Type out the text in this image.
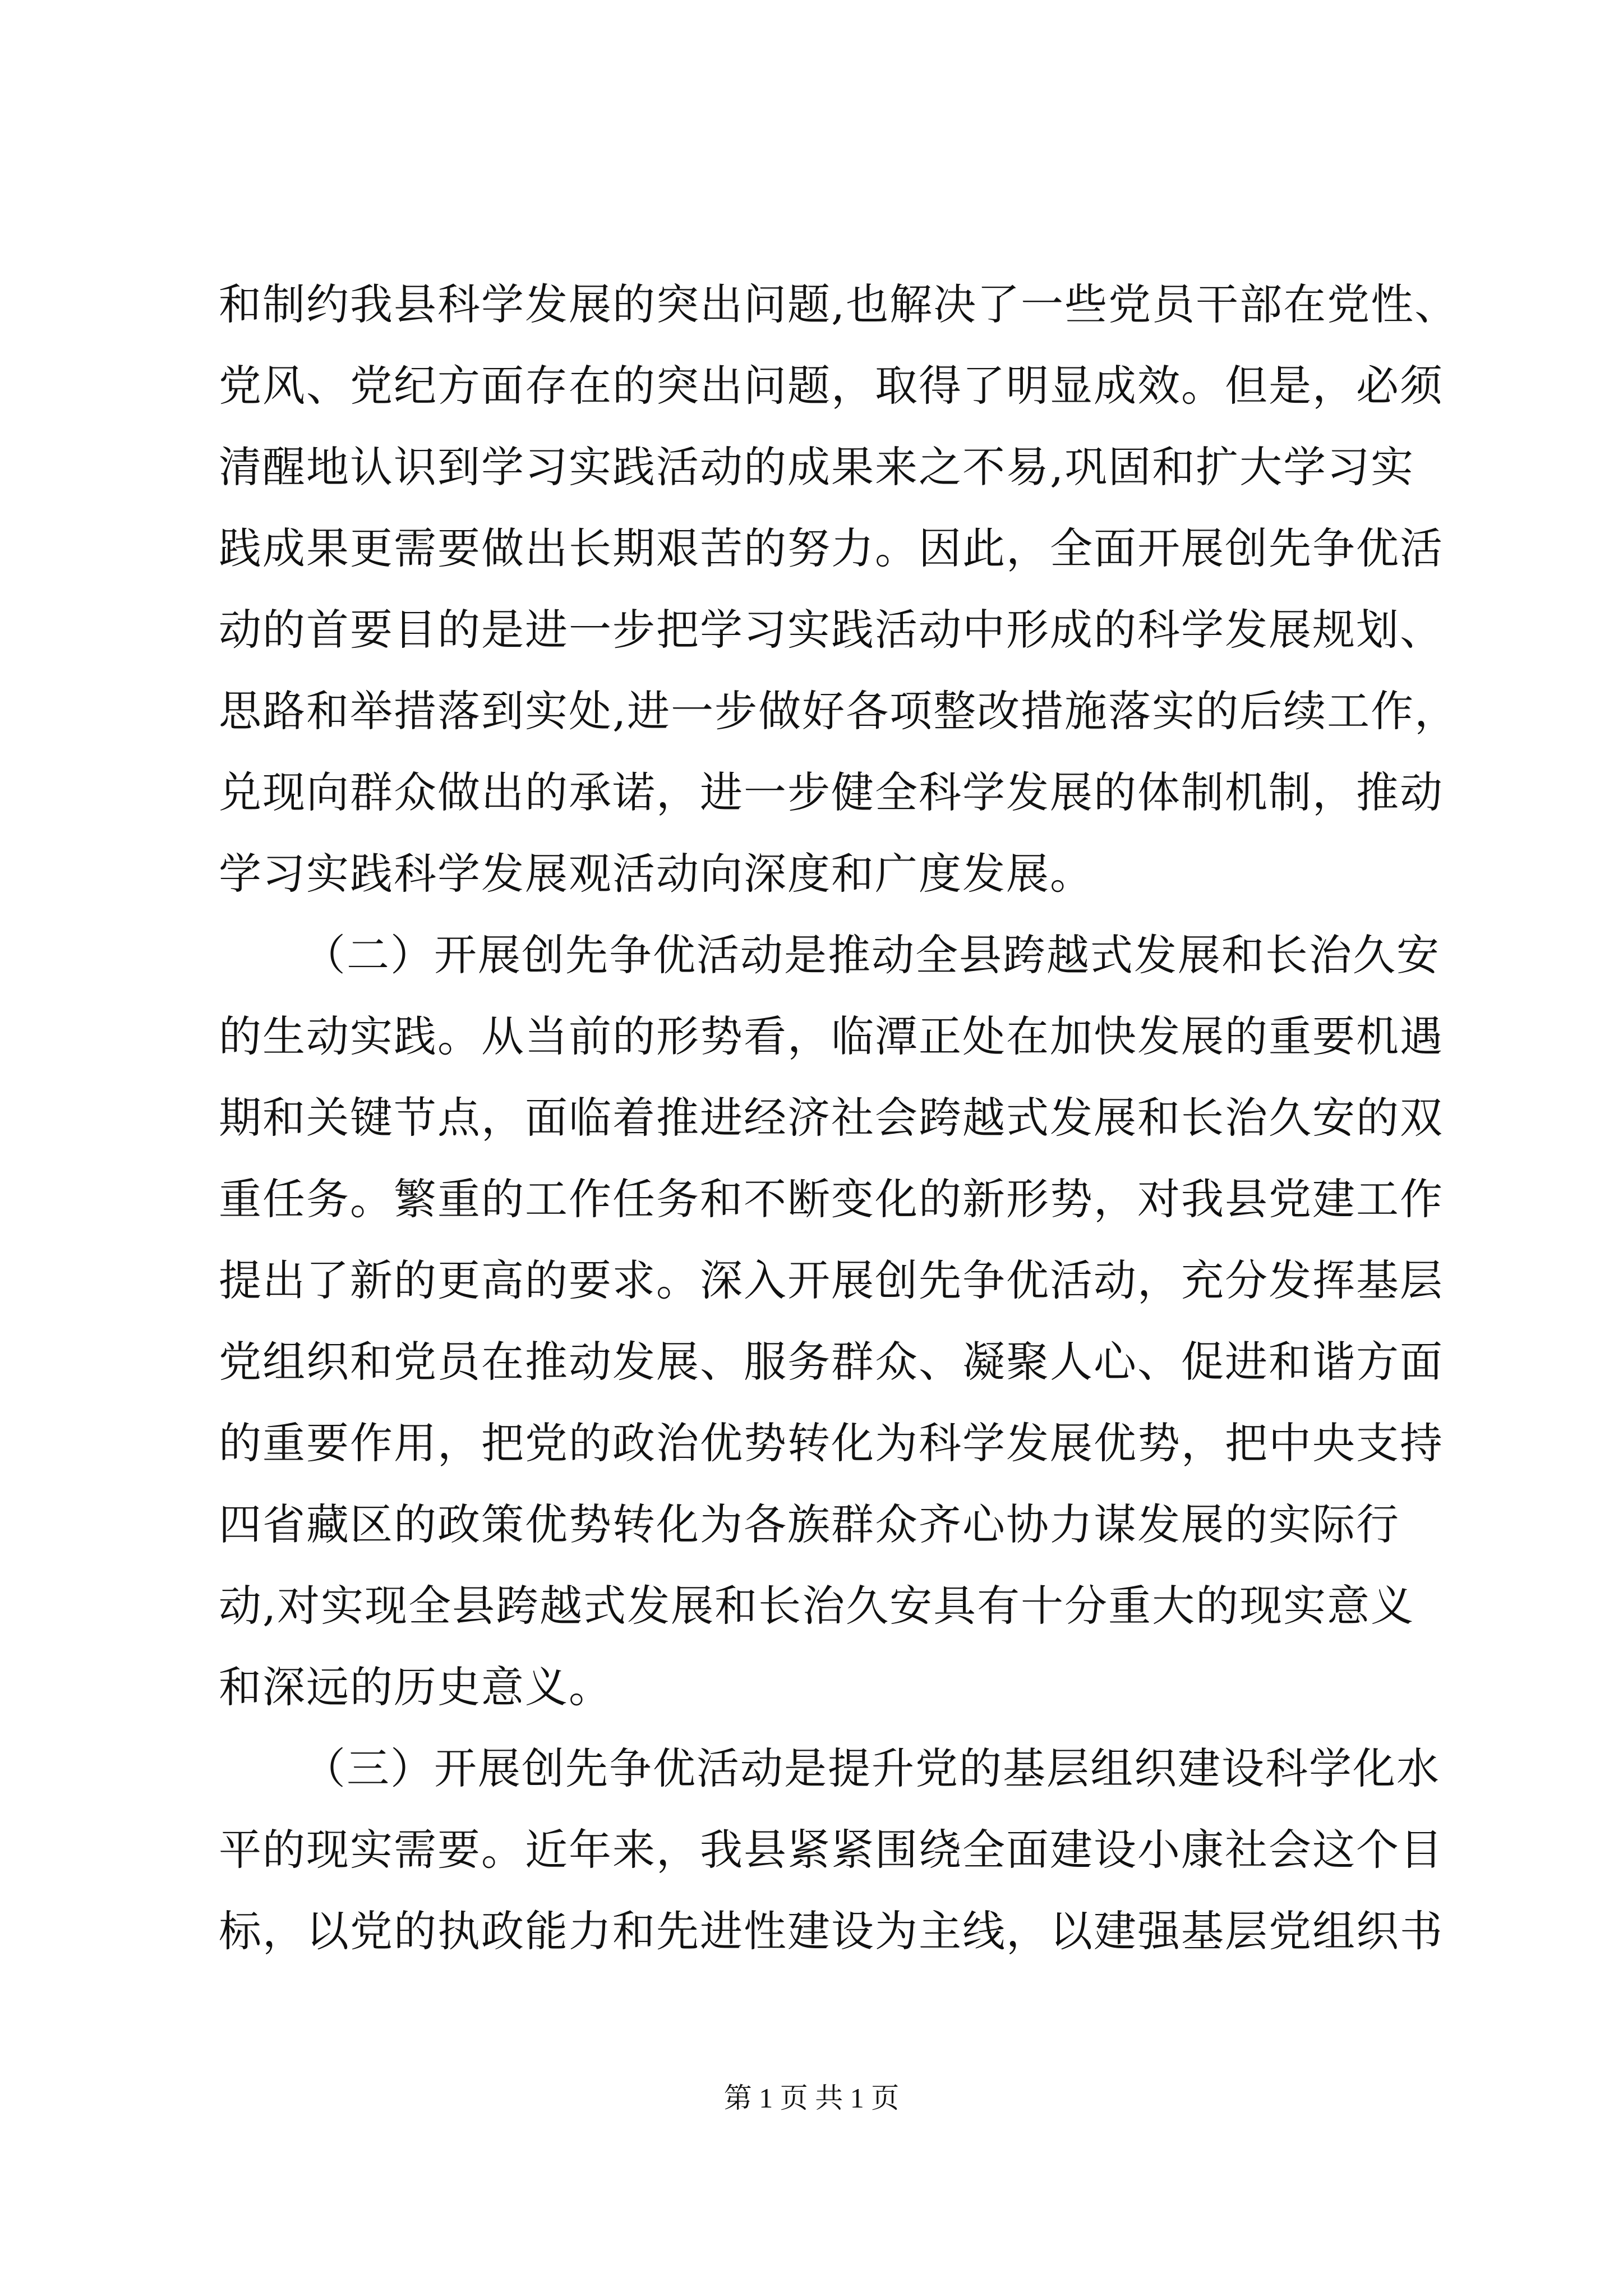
和制约我县科学发展的突出问题,也解决了一些党员干部在党性、
党风、党纪方面存在的突出问题，取得了明显成效。但是，必须
清醒地认识到学习实践活动的成果来之不易,巩固和扩大学习实
践成果更需要做出长期艰苦的努力。因此，全面开展创先争优活
动的首要目的是进一步把学习实践活动中形成的科学发展规划、
思路和举措落到实处,进一步做好各项整改措施落实的后续工作，
兑现向群众做出的承诺，进一步健全科学发展的体制机制，推动
学习实践科学发展观活动向深度和广度发展。
（二）开展创先争优活动是推动全县跨越式发展和长治久安
的生动实践。从当前的形势看，临潭正处在加快发展的重要机遇
期和关键节点，面临着推进经济社会跨越式发展和长治久安的双
重任务。繁重的工作任务和不断变化的新形势，对我县党建工作
提出了新的更高的要求。深入开展创先争优活动，充分发挥基层
党组织和党员在推动发展、服务群众、凝聚人心、促进和谐方面
的重要作用，把党的政治优势转化为科学发展优势，把中央支持
四省藏区的政策优势转化为各族群众齐心协力谋发展的实际行
动,对实现全县跨越式发展和长治久安具有十分重大的现实意义
和深远的历史意义。
（三）开展创先争优活动是提升党的基层组织建设科学化水
平的现实需要。近年来，我县紧紧围绕全面建设小康社会这个目
标，以党的执政能力和先进性建设为主线，以建强基层党组织书
第 1 页 共 1 页
